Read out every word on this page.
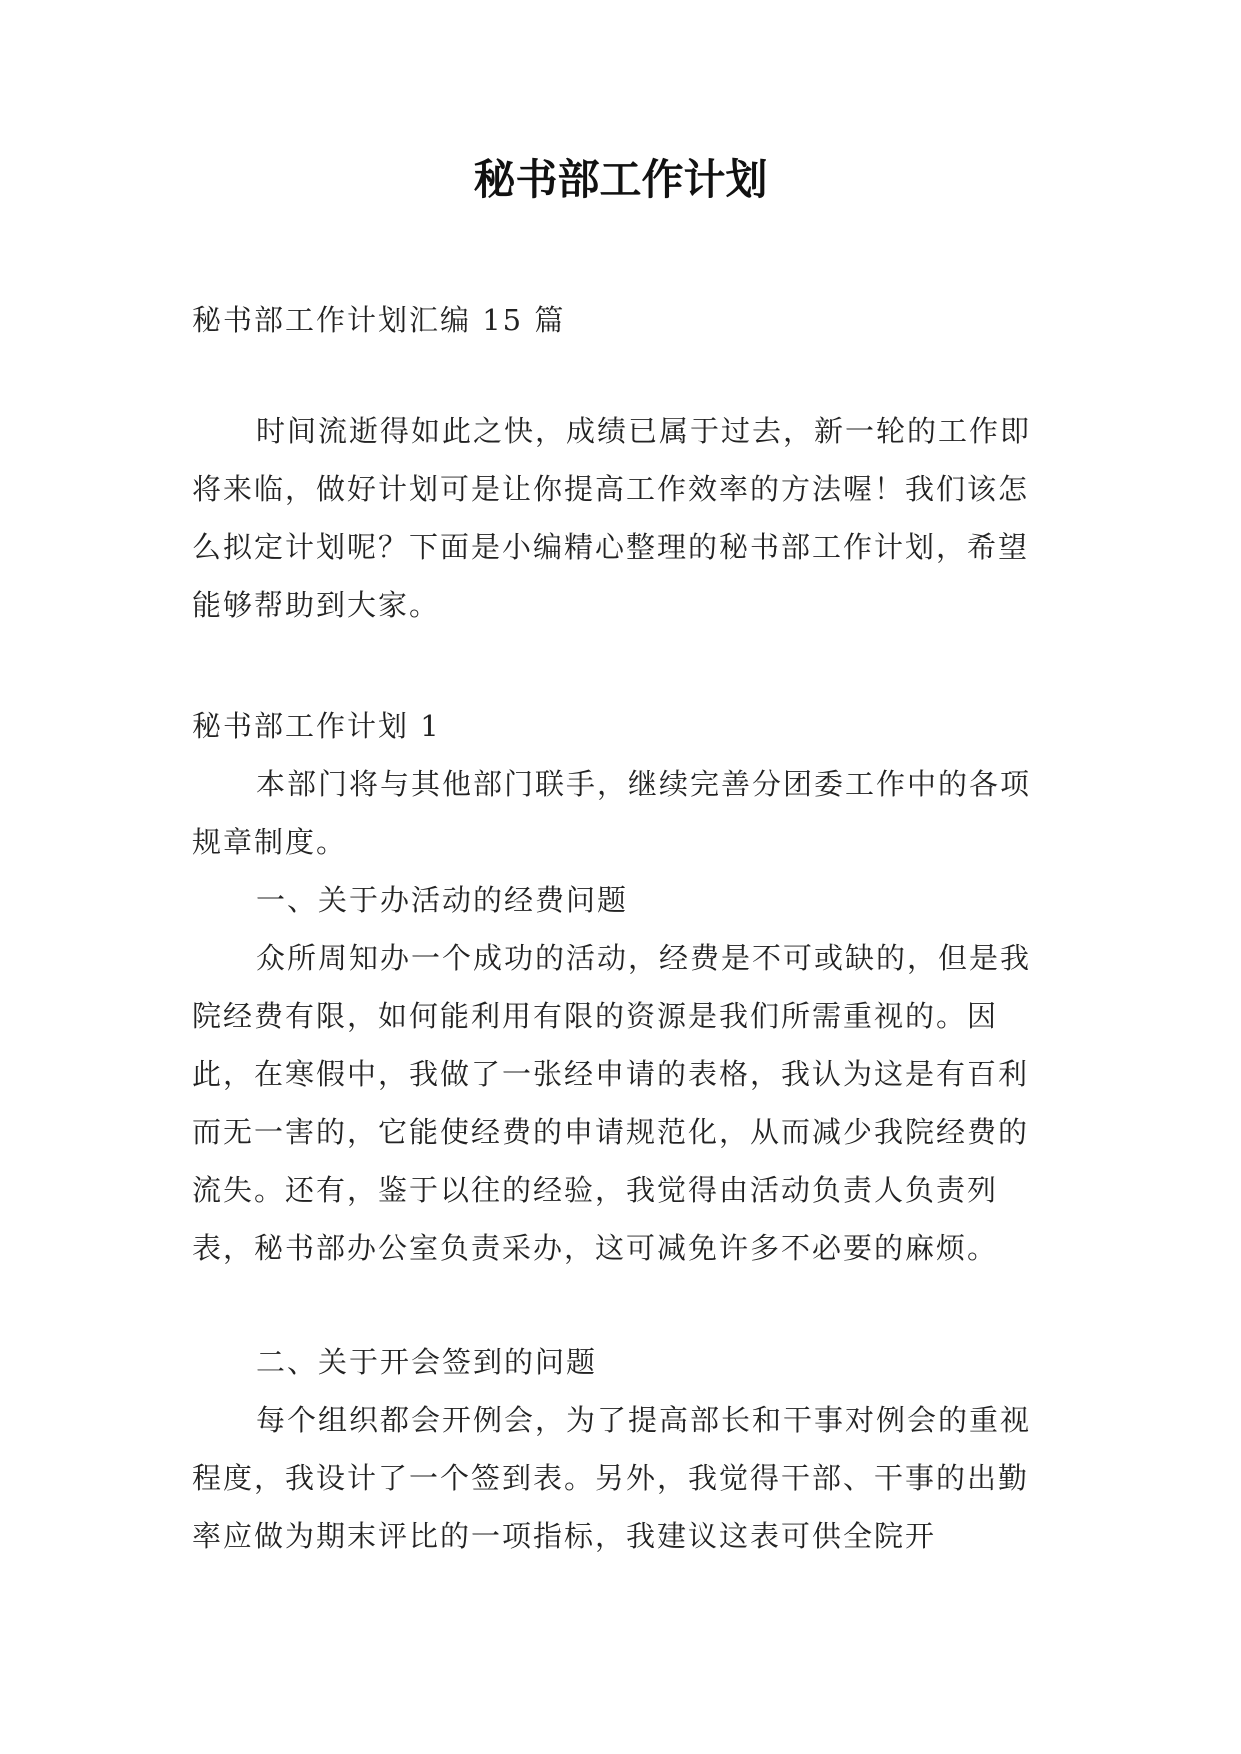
秘书部工作计划

秘书部工作计划汇编 15 篇

时间流逝得如此之快，成绩已属于过去，新一轮的工作即将来临，做好计划可是让你提高工作效率的方法喔！我们该怎么拟定计划呢？下面是小编精心整理的秘书部工作计划，希望能够帮助到大家。

秘书部工作计划 1

本部门将与其他部门联手，继续完善分团委工作中的各项规章制度。

一、关于办活动的经费问题

众所周知办一个成功的活动，经费是不可或缺的，但是我院经费有限，如何能利用有限的资源是我们所需重视的。因此，在寒假中，我做了一张经申请的表格，我认为这是有百利而无一害的，它能使经费的申请规范化，从而减少我院经费的流失。还有，鉴于以往的经验，我觉得由活动负责人负责列表，秘书部办公室负责采办，这可减免许多不必要的麻烦。

二、关于开会签到的问题

每个组织都会开例会，为了提高部长和干事对例会的重视程度，我设计了一个签到表。另外，我觉得干部、干事的出勤率应做为期末评比的一项指标，我建议这表可供全院开
